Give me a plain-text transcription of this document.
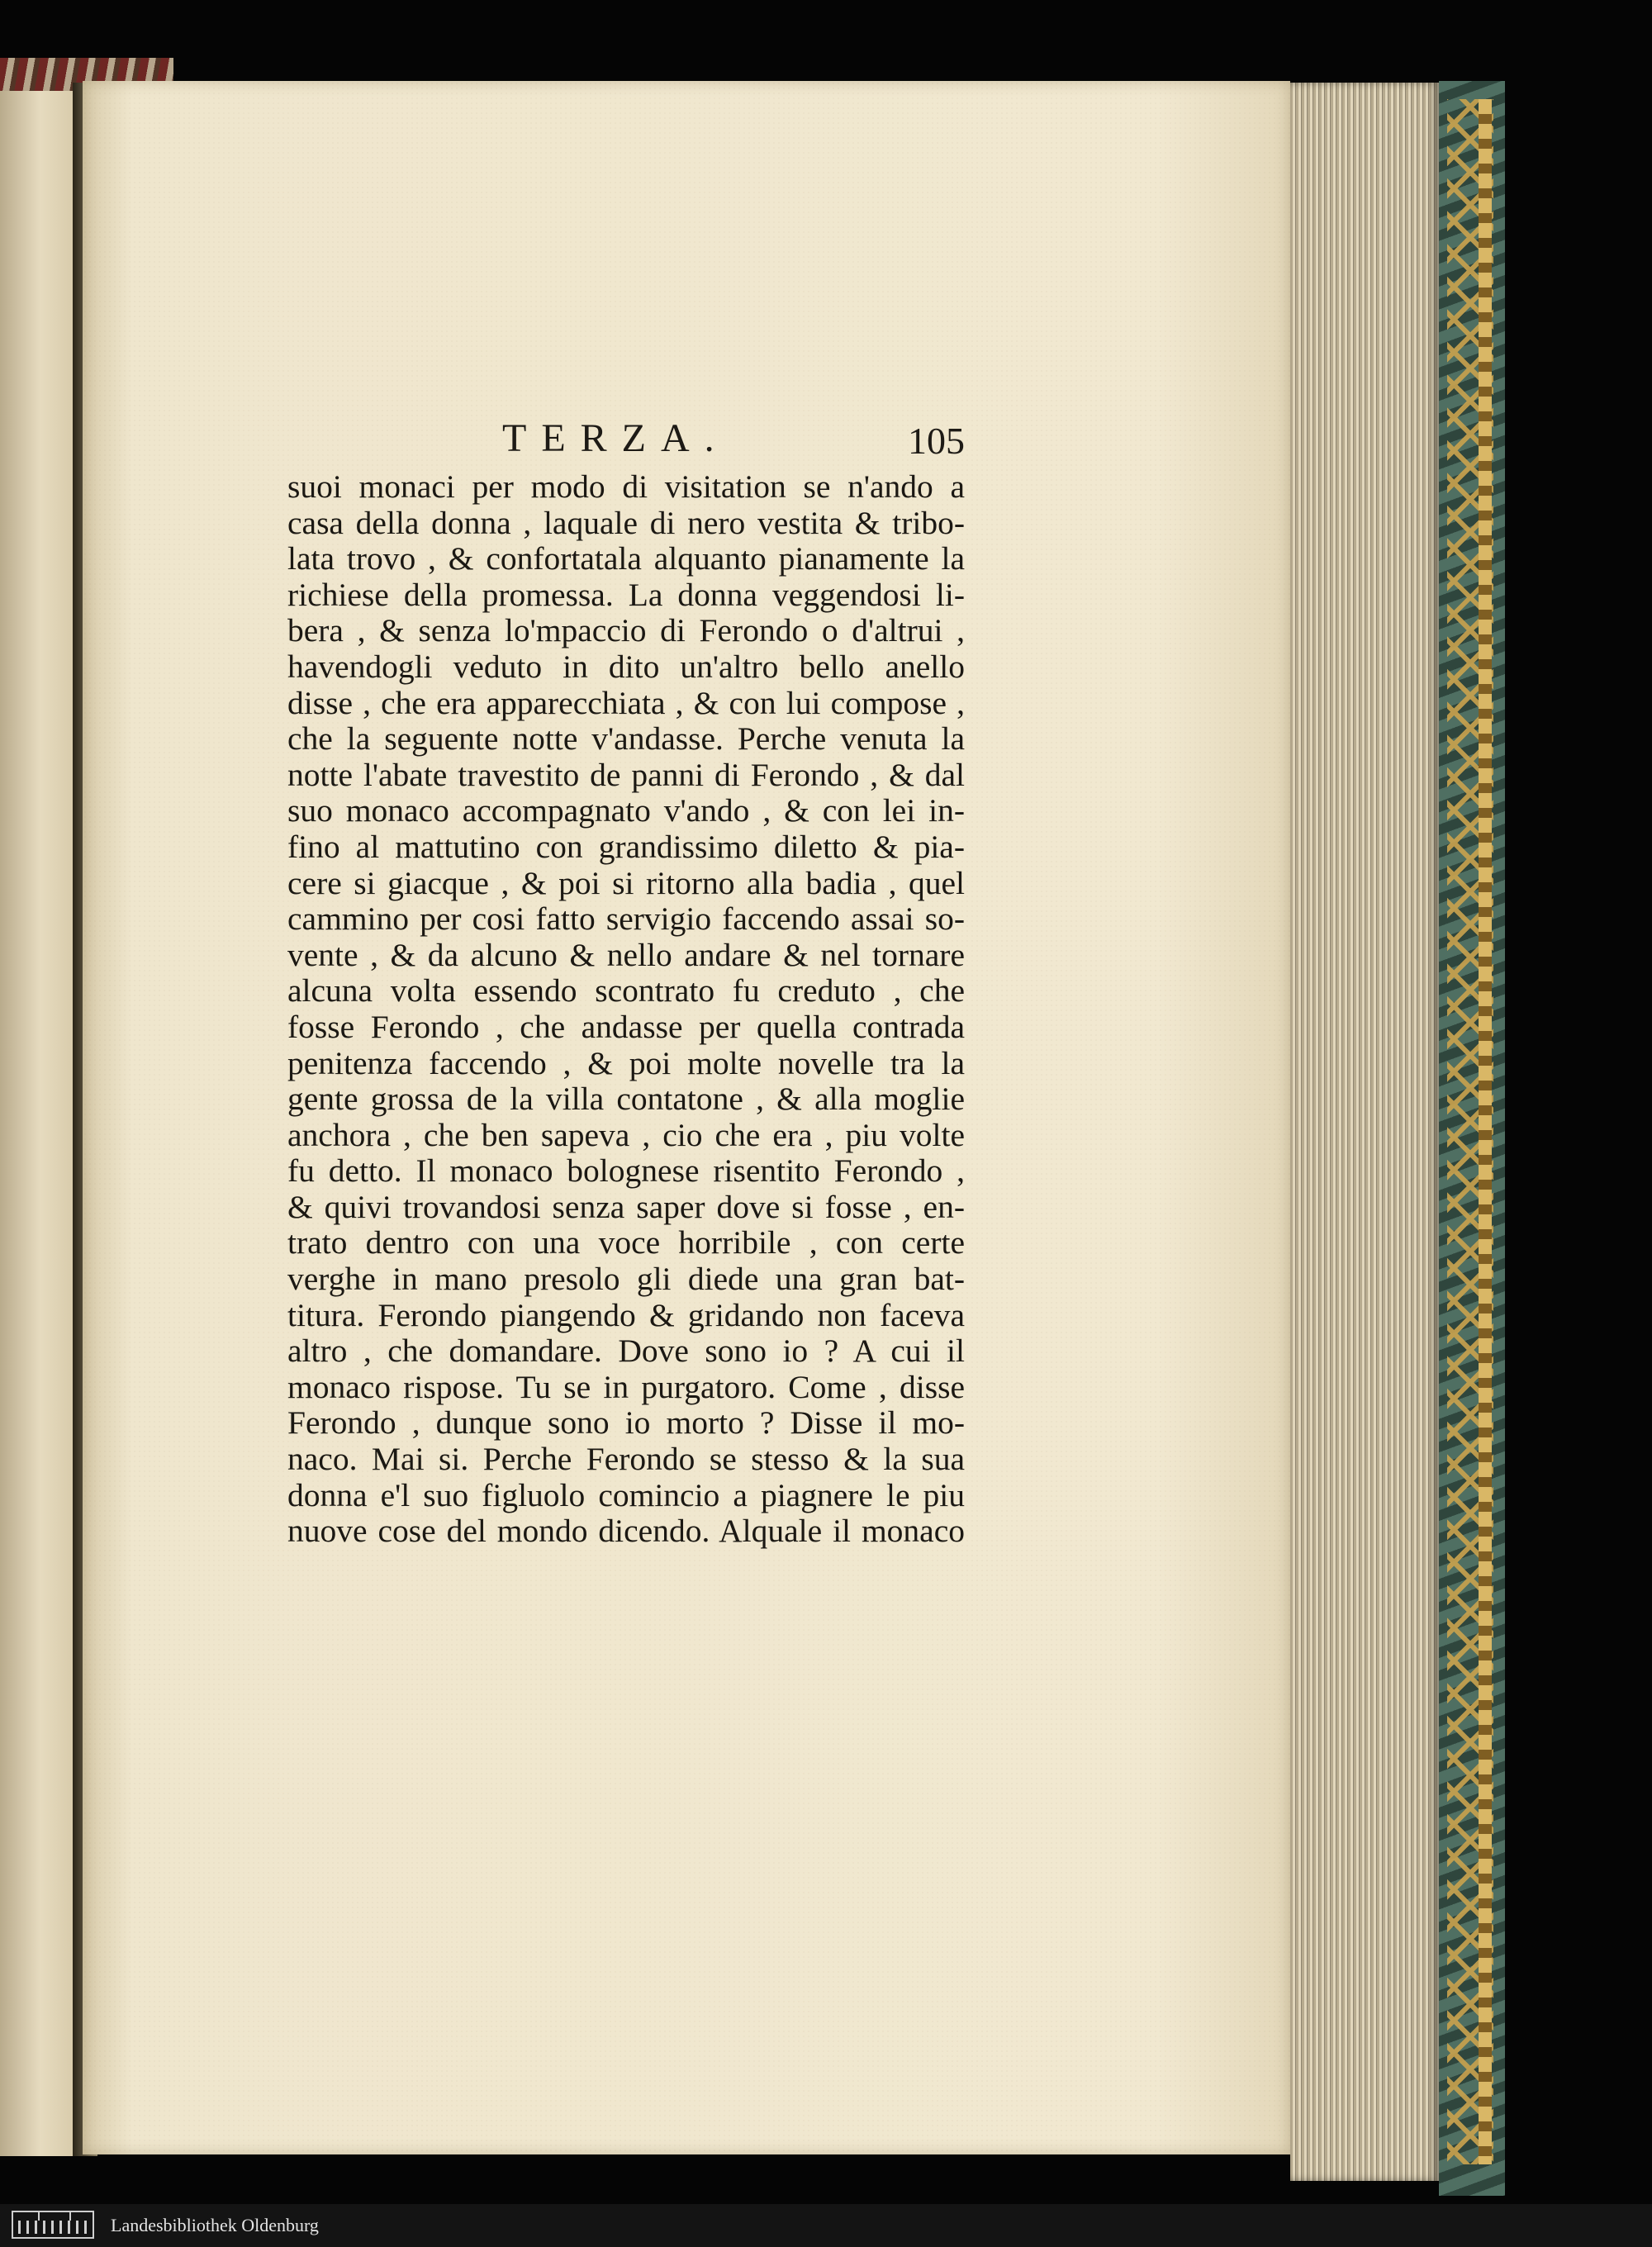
TERZA.	105
suoi monaci per modo di visitation se n'ando a
casa della donna , laquale di nero vestita & tribo-
lata trovo , & confortatala alquanto pianamente la
richiese della promessa. La donna veggendosi li-
bera , & senza lo'mpaccio di Ferondo o d'altrui ,
havendogli veduto in dito un'altro bello anello
disse , che era apparecchiata , & con lui compose ,
che la seguente notte v'andasse. Perche venuta la
notte l'abate travestito de panni di Ferondo , & dal
suo monaco accompagnato v'ando , & con lei in-
fino al mattutino con grandissimo diletto & pia-
cere si giacque , & poi si ritorno alla badia , quel
cammino per cosi fatto servigio faccendo assai so-
vente , & da alcuno & nello andare & nel tornare
alcuna volta essendo scontrato fu creduto , che
fosse Ferondo , che andasse per quella contrada
penitenza faccendo , & poi molte novelle tra la
gente grossa de la villa contatone , & alla moglie
anchora , che ben sapeva , cio che era , piu volte
fu detto. Il monaco bolognese risentito Ferondo ,
& quivi trovandosi senza saper dove si fosse , en-
trato dentro con una voce horribile , con certe
verghe in mano presolo gli diede una gran bat-
titura. Ferondo piangendo & gridando non faceva
altro , che domandare. Dove sono io ? A cui il
monaco rispose. Tu se in purgatoro. Come , disse
Ferondo , dunque sono io morto ? Disse il mo-
naco. Mai si. Perche Ferondo se stesso & la sua
donna e'l suo figluolo comincio a piagnere le piu
nuove cose del mondo dicendo. Alquale il monaco
Landesbibliothek Oldenburg
